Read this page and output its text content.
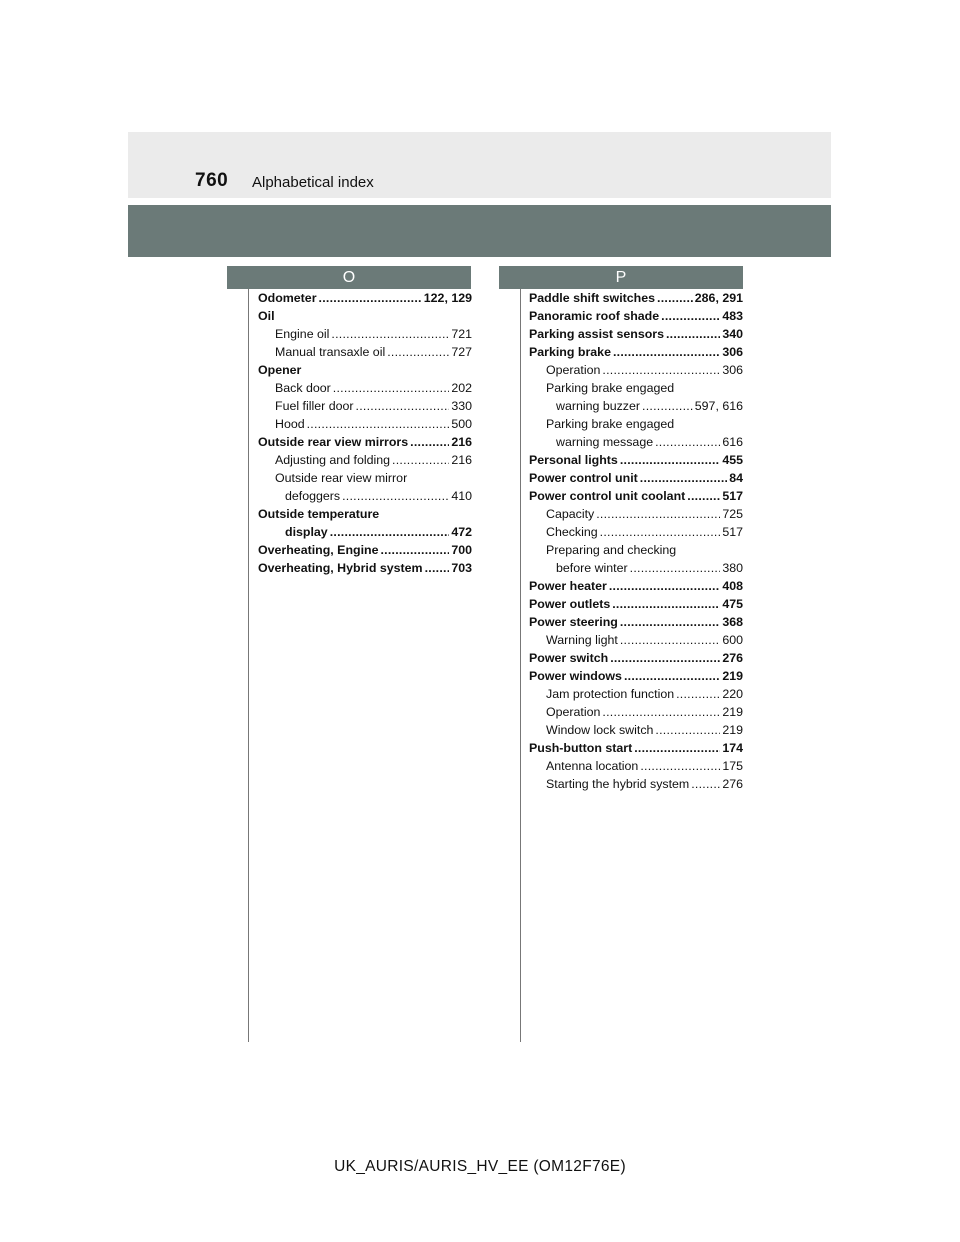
760 Alphabetical index
O	P
Odometer . . .	122, 129
Oil
Engine oil . . .	721
Manual transaxle oil . . .	727
Opener
Back door . . .	202
Fuel filler door . . .	330
Hood . . .	500
Outside rear view mirrors . . .	216
Adjusting and folding . . .	216
Outside rear view mirror
defoggers . . .	410
Outside temperature
display . . .	472
Overheating, Engine . . .	700
Overheating, Hybrid system . . . 703
Paddle shift switches . . .	286, 291
Panoramic roof shade . . .	483
Parking assist sensors . . .	340
Parking brake . . .	306
Operation . . .	306
Parking brake engaged
warning buzzer . . .	597, 616
Parking brake engaged
warning message . . .	616
Personal lights . . .	455
Power control unit . . .	84
Power control unit coolant . . .	517
Capacity . . .	725
Checking . . .	517
Preparing and checking
before winter . . .	380
Power heater . . .	408
Power outlets . . .	475
Power steering . . .	368
Warning light . . .	600
Power switch . . .	276
Power windows . . .	219
Jam protection function . . .	220
Operation . . .	219
Window lock switch . . .	219
Push-button start . . .	174
Antenna location . . .	175
Starting the hybrid system . . .	276
UK_AURIS/AURIS_HV_EE (OM12F76E)
